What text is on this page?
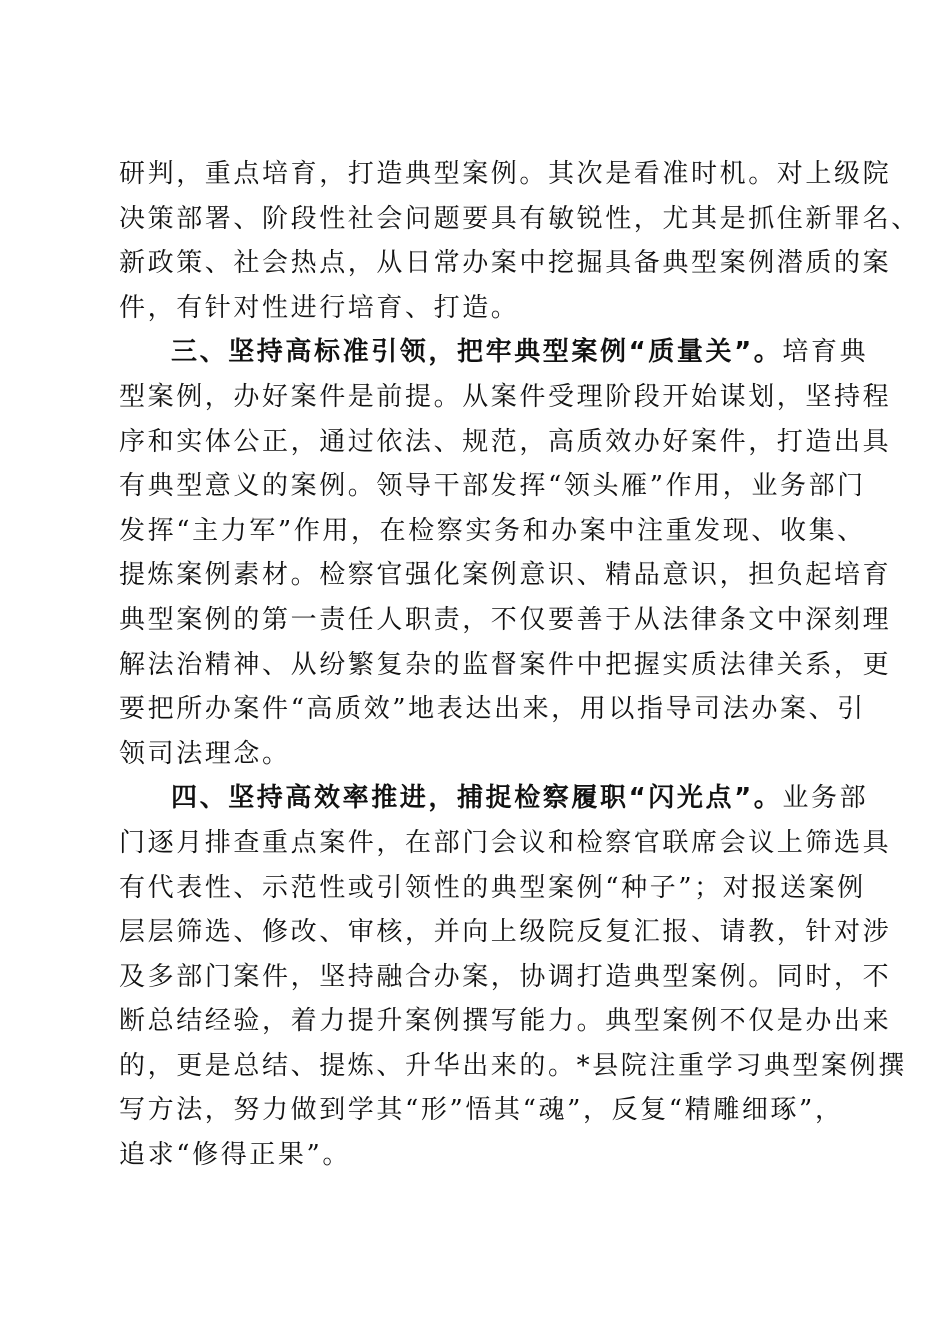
研判，重点培育，打造典型案例。其次是看准时机。对上级院
决策部署、阶段性社会问题要具有敏锐性，尤其是抓住新罪名、
新政策、社会热点，从日常办案中挖掘具备典型案例潜质的案
件，有针对性进行培育、打造。
三、坚持高标准引领，把牢典型案例“质量关”。培育典
型案例，办好案件是前提。从案件受理阶段开始谋划，坚持程
序和实体公正，通过依法、规范，高质效办好案件，打造出具
有典型意义的案例。领导干部发挥“领头雁”作用，业务部门
发挥“主力军”作用，在检察实务和办案中注重发现、收集、
提炼案例素材。检察官强化案例意识、精品意识，担负起培育
典型案例的第一责任人职责，不仅要善于从法律条文中深刻理
解法治精神、从纷繁复杂的监督案件中把握实质法律关系，更
要把所办案件“高质效”地表达出来，用以指导司法办案、引
领司法理念。
四、坚持高效率推进，捕捉检察履职“闪光点”。业务部
门逐月排查重点案件，在部门会议和检察官联席会议上筛选具
有代表性、示范性或引领性的典型案例“种子”；对报送案例
层层筛选、修改、审核，并向上级院反复汇报、请教，针对涉
及多部门案件，坚持融合办案，协调打造典型案例。同时，不
断总结经验，着力提升案例撰写能力。典型案例不仅是办出来
的，更是总结、提炼、升华出来的。*县院注重学习典型案例撰
写方法，努力做到学其“形”悟其“魂”，反复“精雕细琢”，
追求“修得正果”。
